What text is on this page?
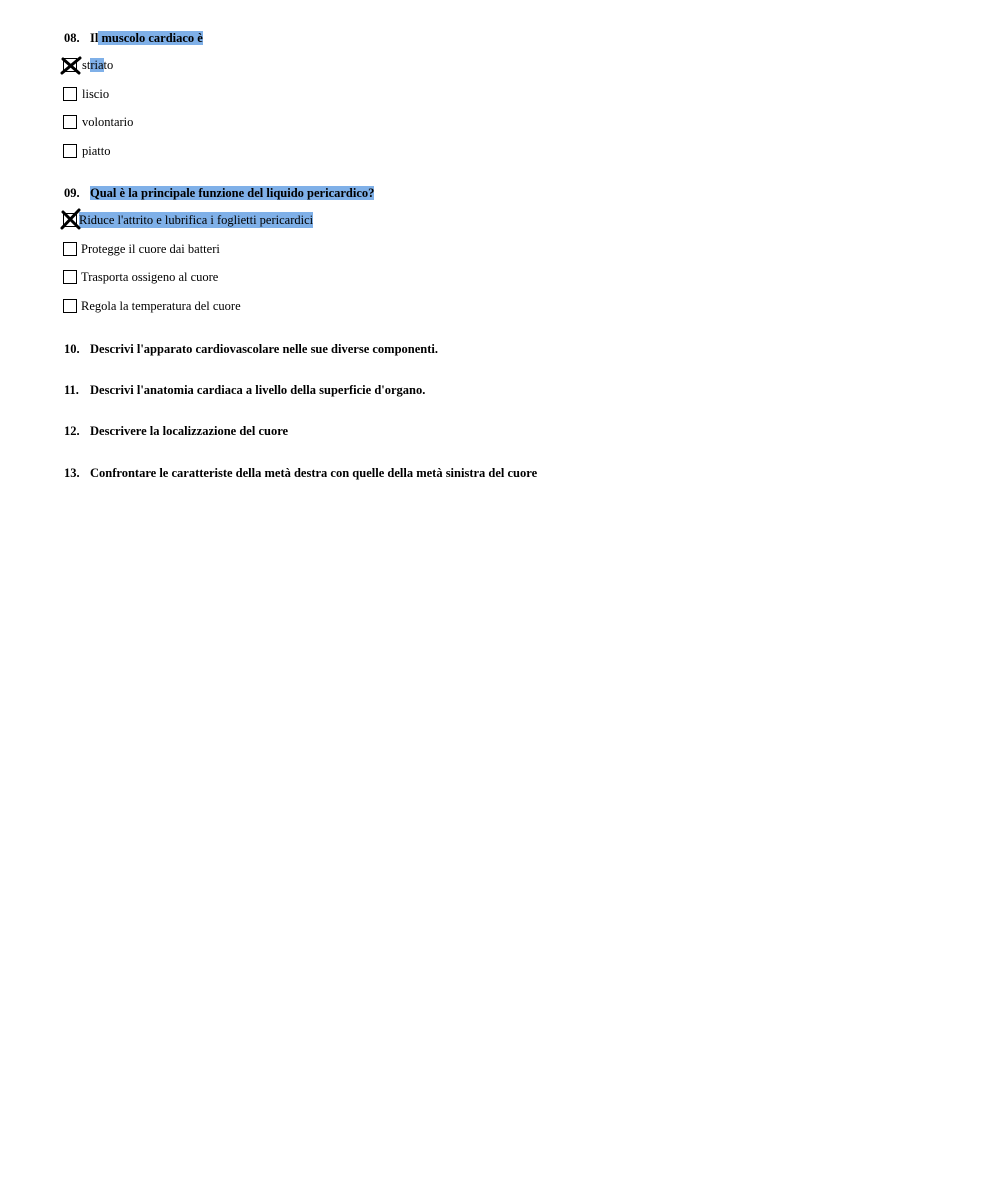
08. Il muscolo cardiaco è
striato
liscio
volontario
piatto
09. Qual è la principale funzione del liquido pericardico?
Riduce l'attrito e lubrifica i foglietti pericardici
Protegge il cuore dai batteri
Trasporta ossigeno al cuore
Regola la temperatura del cuore
10. Descrivi l'apparato cardiovascolare nelle sue diverse componenti.
11. Descrivi l'anatomia cardiaca a livello della superficie d'organo.
12. Descrivere la localizzazione del cuore
13. Confrontare le caratteriste della metà destra con quelle della metà sinistra del cuore
